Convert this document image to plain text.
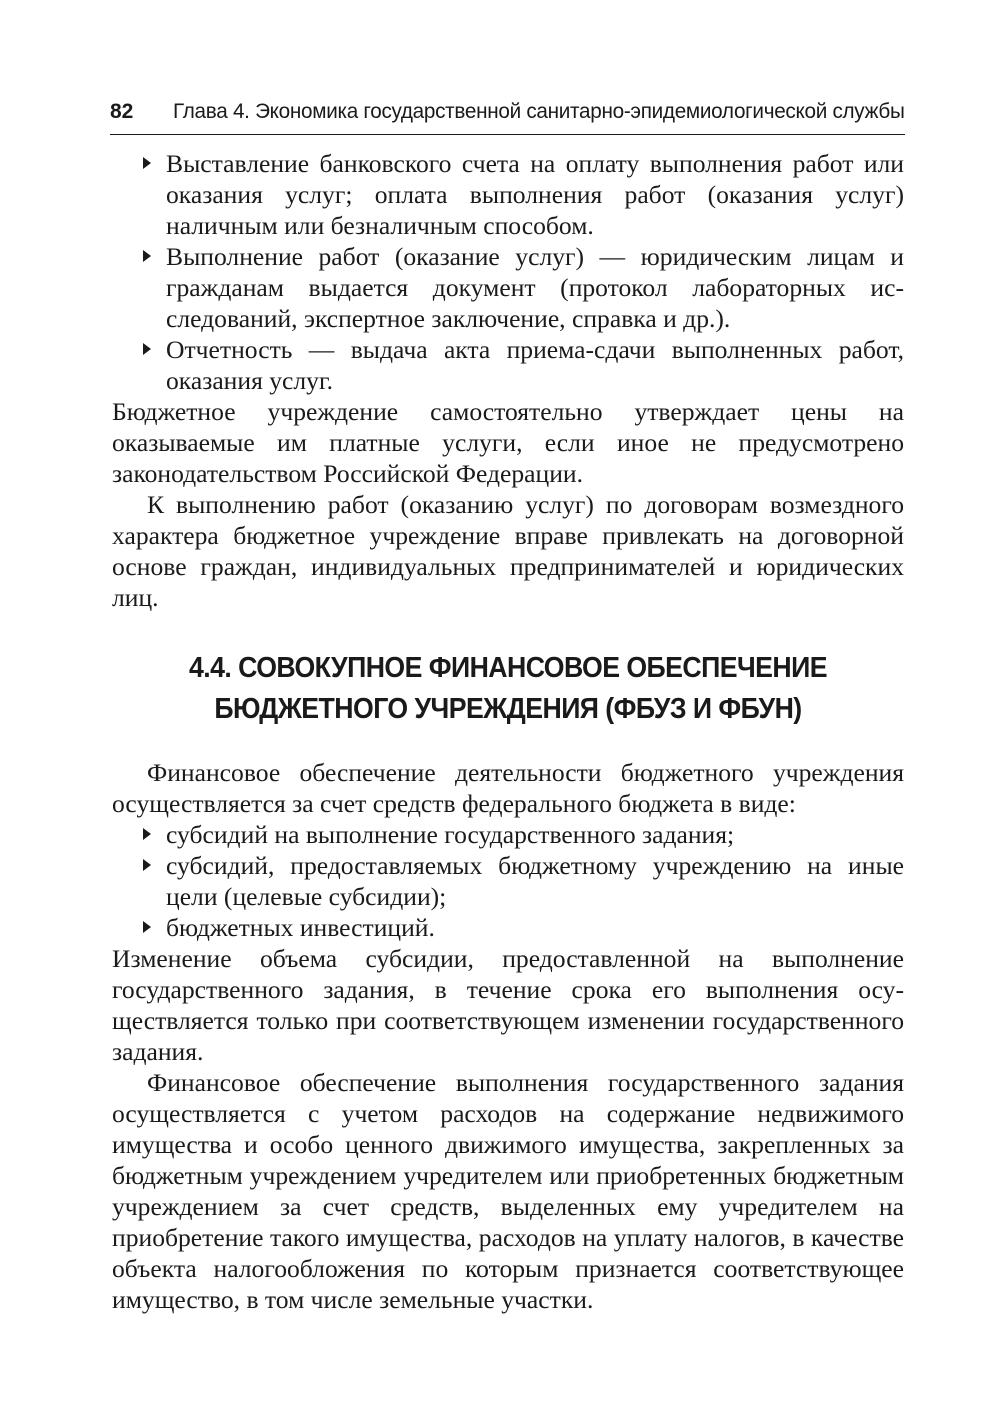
82 Глава 4. Экономика государственной санитарно-эпидемиологической службы
Выставление банковского счета на оплату выполнения работ или оказания услуг; оплата выполнения работ (оказания услуг) наличным или безналичным способом.
Выполнение работ (оказание услуг) — юридическим лицам и гражданам выдается документ (протокол лабораторных исследований, экспертное заключение, справка и др.).
Отчетность — выдача акта приема-сдачи выполненных работ, оказания услуг.

Бюджетное учреждение самостоятельно утверждает цены на оказываемые им платные услуги, если иное не предусмотрено законодательством Российской Федерации.

К выполнению работ (оказанию услуг) по договорам возмездного характера бюджетное учреждение вправе привлекать на договорной основе граждан, индивидуальных предпринимателей и юридических лиц.

4.4. СОВОКУПНОЕ ФИНАНСОВОЕ ОБЕСПЕЧЕНИЕ
БЮДЖЕТНОГО УЧРЕЖДЕНИЯ (ФБУЗ И ФБУН)

Финансовое обеспечение деятельности бюджетного учреждения осуществляется за счет средств федерального бюджета в виде:

субсидий на выполнение государственного задания;
субсидий, предоставляемых бюджетному учреждению на иные цели (целевые субсидии);
бюджетных инвестиций.

Изменение объема субсидии, предоставленной на выполнение государственного задания, в течение срока его выполнения осуществляется только при соответствующем изменении государственного задания.

Финансовое обеспечение выполнения государственного задания осуществляется с учетом расходов на содержание недвижимого имущества и особо ценного движимого имущества, закрепленных за бюджетным учреждением учредителем или приобретенных бюджетным учреждением за счет средств, выделенных ему учредителем на приобретение такого имущества, расходов на уплату налогов, в качестве объекта налогообложения по которым признается соответствующее имущество, в том числе земельные участки.
